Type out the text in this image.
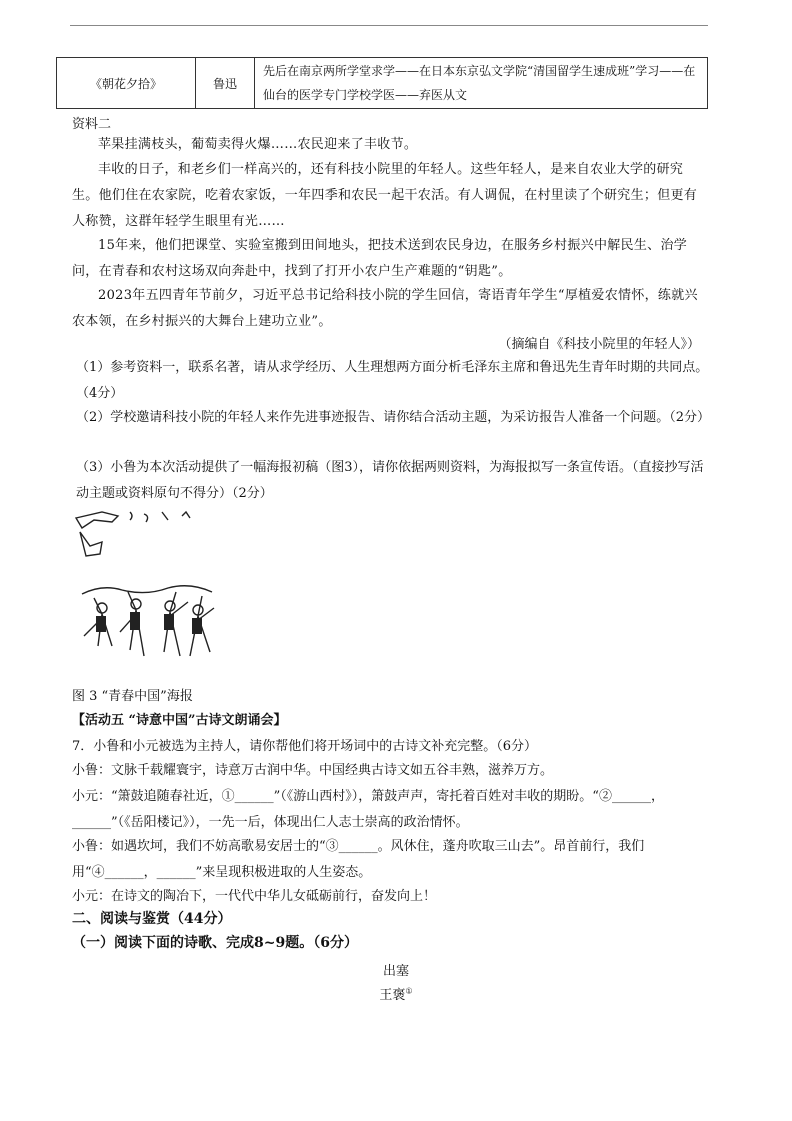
《朝花夕拾》	鲁迅	先后在南京两所学堂求学——在日本东京弘文学院“清国留学生速成班”学习——在仙台的医学专门学校学医——弃医从文
资料二
苹果挂满枝头，葡萄卖得火爆……农民迎来了丰收节。
丰收的日子，和老乡们一样高兴的，还有科技小院里的年轻人。这些年轻人，是来自农业大学的研究生。他们住在农家院，吃着农家饭，一年四季和农民一起干农活。有人调侃，在村里读了个研究生；但更有人称赞，这群年轻学生眼里有光……
15年来，他们把课堂、实验室搬到田间地头，把技术送到农民身边，在服务乡村振兴中解民生、治学问，在青春和农村这场双向奔赴中，找到了打开小农户生产难题的“钥匙”。
2023年五四青年节前夕，习近平总书记给科技小院的学生回信，寄语青年学生“厚植爱农情怀，练就兴农本领，在乡村振兴的大舞台上建功立业”。
（摘编自《科技小院里的年轻人》）
（1）参考资料一，联系名著，请从求学经历、人生理想两方面分析毛泽东主席和鲁迅先生青年时期的共同点。（4分）
（2）学校邀请科技小院的年轻人来作先进事迹报告、请你结合活动主题，为采访报告人准备一个问题。（2分）
（3）小鲁为本次活动提供了一幅海报初稿（图3），请你依据两则资料，为海报拟写一条宣传语。（直接抄写活动主题或资料原句不得分）（2分）
图 3 “青春中国”海报
【活动五 “诗意中国”古诗文朗诵会】
7．小鲁和小元被选为主持人，请你帮他们将开场词中的古诗文补充完整。（6分）
小鲁：文脉千载耀寰宇，诗意万古润中华。中国经典古诗文如五谷丰熟，滋养万方。
小元：“箫鼓追随春社近，①______”（《游山西村》），箫鼓声声，寄托着百姓对丰收的期盼。“②______，______”（《岳阳楼记》），一先一后，体现出仁人志士崇高的政治情怀。
小鲁：如遇坎坷，我们不妨高歌易安居士的“③______。风休住，蓬舟吹取三山去”。昂首前行，我们用“④______，______”来呈现积极进取的人生姿态。
小元：在诗文的陶冶下，一代代中华儿女砥砺前行，奋发向上！
二、阅读与鉴赏（44分）
（一）阅读下面的诗歌、完成8~9题。（6分）
出塞
王褒①
